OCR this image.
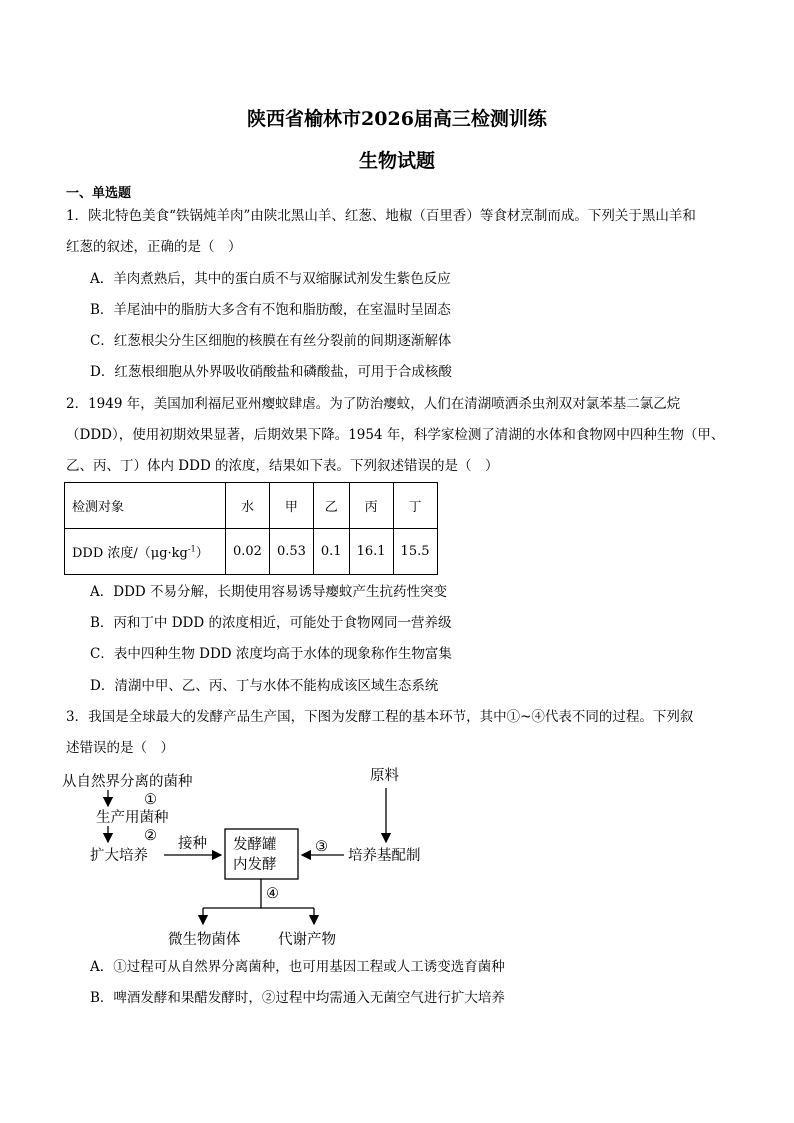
陕西省榆林市2026届高三检测训练
生物试题
一、单选题
1．陕北特色美食“铁锅炖羊肉”由陕北黑山羊、红葱、地椒（百里香）等食材烹制而成。下列关于黑山羊和
红葱的叙述，正确的是（　）
A．羊肉煮熟后，其中的蛋白质不与双缩脲试剂发生紫色反应
B．羊尾油中的脂肪大多含有不饱和脂肪酸，在室温时呈固态
C．红葱根尖分生区细胞的核膜在有丝分裂前的间期逐渐解体
D．红葱根细胞从外界吸收硝酸盐和磷酸盐，可用于合成核酸
2．1949 年，美国加利福尼亚州瘿蚊肆虐。为了防治瘿蚊，人们在清湖喷洒杀虫剂双对氯苯基二氯乙烷
（DDD），使用初期效果显著，后期效果下降。1954 年，科学家检测了清湖的水体和食物网中四种生物（甲、
乙、丙、丁）体内 DDD 的浓度，结果如下表。下列叙述错误的是（　）
检测对象	水	甲	乙	丙	丁
DDD 浓度$/(\mu g\cdot kg^{-1})$	0.02	0.53	0.1	16.1	15.5
A．DDD 不易分解，长期使用容易诱导瘿蚊产生抗药性突变
B．丙和丁中 DDD 的浓度相近，可能处于食物网同一营养级
C．表中四种生物 DDD 浓度均高于水体的现象称作生物富集
D．清湖中甲、乙、丙、丁与水体不能构成该区域生态系统
3．我国是全球最大的发酵产品生产国，下图为发酵工程的基本环节，其中①~④代表不同的过程。下列叙
述错误的是（　）
从自然界分离的菌种
①
生产用菌种
②
扩大培养
接种 发酵罐
内发酵
③
原料
培养基配制
④
微生物菌体	代谢产物
A．①过程可从自然界分离菌种，也可用基因工程或人工诱变选育菌种
B．啤酒发酵和果醋发酵时，②过程中均需通入无菌空气进行扩大培养
